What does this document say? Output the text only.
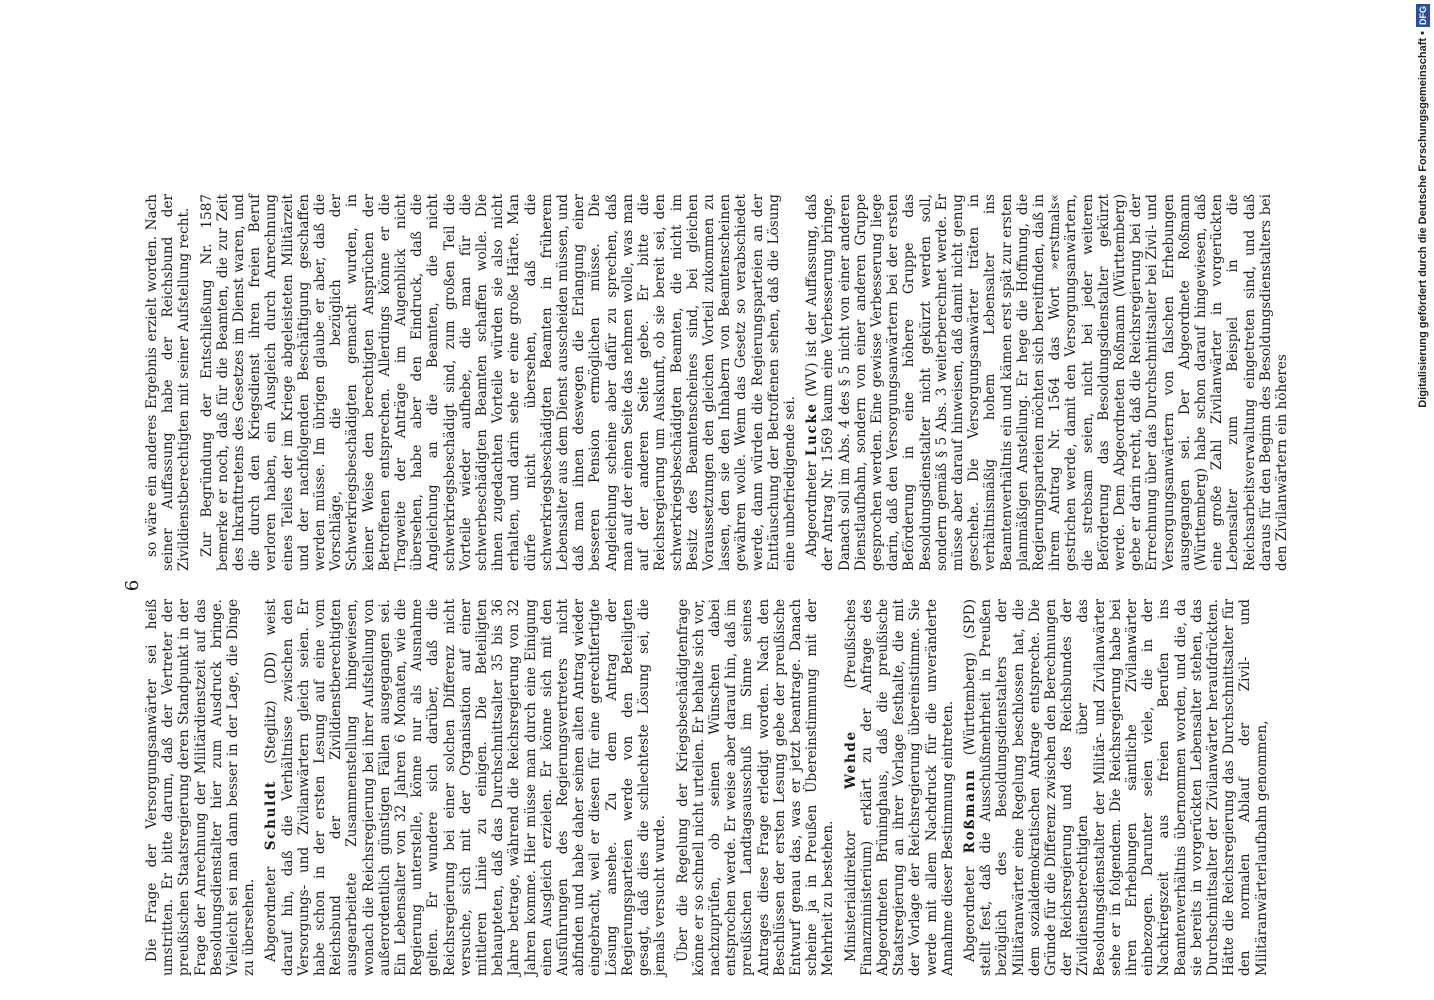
6

Die Frage der Versorgungsanwärter sei heiß umstritten. Er bitte darum, daß der Vertreter der preußischen Staatsregierung deren Standpunkt in der Frage der Anrechnung der Militärdienstzeit auf das Besoldungsdienstalter hier zum Ausdruck bringe. Vielleicht sei man dann besser in der Lage, die Dinge zu übersehen. Abgeordneter Schuldt (Steglitz) (DD) weist darauf hin, daß die Verhältnisse zwischen den Versorgungs- und Zivilanwärtern gleich seien. Er habe schon in der ersten Lesung auf eine vom Reichsbund der Zivildienstberechtigten ausgearbeitete Zusammenstellung hingewiesen, wonach die Reichsregierung bei ihrer Aufstellung von außerordentlich günstigen Fällen ausgegangen sei. Ein Lebensalter von 32 Jahren 6 Monaten, wie die Regierung unterstelle, könne nur als Ausnahme gelten. Er wundere sich darüber, daß die Reichsregierung bei einer solchen Differenz nicht versuche, sich mit der Organisation auf einer mittleren Linie zu einigen. Die Beteiligten behaupteten, daß das Durchschnittsalter 35 bis 36 Jahre betrage, während die Reichsregierung von 32 Jahren komme. Hier müsse man durch eine Einigung einen Ausgleich erzielen. Er könne sich mit den Ausführungen des Regierungsvertreters nicht abfinden und habe daher seinen alten Antrag wieder eingebracht, weil er diesen für eine gerechtfertigte Lösung ansehe. Zu dem Antrag der Regierungsparteien werde von den Beteiligten gesagt, daß dies die schlechteste Lösung sei, die jemals versucht wurde. Über die Regelung der Kriegsbeschädigtenfrage könne er so schnell nicht urteilen. Er behalte sich vor, nachzuprüfen, ob seinen Wünschen dabei entsprochen werde. Er weise aber darauf hin, daß im preußischen Landtagsausschuß im Sinne seines Antrages diese Frage erledigt worden. Nach den Beschlüssen der ersten Lesung gebe der preußische Entwurf genau das, was er jetzt beantrage. Danach scheine ja in Preußen Übereinstimmung mit der Mehrheit zu bestehen. Ministerialdirektor Wehde (Preußisches Finanzministerium) erklärt zu der Anfrage des Abgeordneten Brüninghaus, daß die preußische Staatsregierung an ihrer Vorlage festhalte, die mit der Vorlage der Reichsregierung übereinstimme. Sie werde mit allem Nachdruck für die unveränderte Annahme dieser Bestimmung eintreten. Abgeordneter Roßmann (Württemberg) (SPD) stellt fest, daß die Ausschußmehrheit in Preußen bezüglich des Besoldungsdienstalters der Militäranwärter eine Regelung beschlossen hat, die dem sozialdemokratischen Antrage entspreche. Die Gründe für die Differenz zwischen den Berechnungen der Reichsregierung und des Reichsbundes der Zivildienstberechtigten über das Besoldungsdienstalter der Militär- und Zivilanwärter sehe er in folgendem. Die Reichsregierung habe bei ihren Erhebungen sämtliche Zivilanwärter einbezogen. Darunter seien viele, die in der Nachkriegszeit aus freien Berufen ins Beamtenverhältnis übernommen worden, und die, da sie bereits in vorgerückten Lebensalter stehen, das Durchschnittsalter der Zivilanwärter heraufdrückten. Hätte die Reichsregierung das Durchschnittsalter für den normalen Ablauf der Zivil- und Militäranwärterlaufbahn genommen,

so wäre ein anderes Ergebnis erzielt worden. Nach seiner Auffassung habe der Reichsbund der Zivildienstberechtigten mit seiner Aufstellung recht. Zur Begründung der Entschließung Nr. 1587 bemerke er noch, daß für die Beamten, die zur Zeit des Inkrafttretens des Gesetzes im Dienst waren, und die durch den Kriegsdienst ihren freien Beruf verloren haben, ein Ausgleich durch Anrechnung eines Teiles der im Kriege abgeleisteten Militärzeit und der nachfolgenden Beschäftigung geschaffen werden müsse. Im übrigen glaube er aber, daß die Vorschläge, die bezüglich der Schwerkriegsbeschädigten gemacht wurden, in keiner Weise den berechtigten Ansprüchen der Betroffenen entsprechen. Allerdings könne er die Tragweite der Anträge im Augenblick nicht übersehen, habe aber den Eindruck, daß die Angleichung an die Beamten, die nicht schwerkriegsbeschädigt sind, zum großen Teil die Vorteile wieder aufhebe, die man für die schwerbeschädigten Beamten schaffen wolle. Die ihnen zugedachten Vorteile würden sie also nicht erhalten, und darin sehe er eine große Härte. Man dürfe nicht übersehen, daß die schwerkriegsbeschädigten Beamten in früherem Lebensalter aus dem Dienst ausscheiden müssen, und daß man ihnen deswegen die Erlangung einer besseren Pension ermöglichen müsse. Die Angleichung scheine aber dafür zu sprechen, daß man auf der einen Seite das nehmen wolle, was man auf der anderen Seite gebe. Er bitte die Reichsregierung um Auskunft, ob sie bereit sei, den schwerkriegsbeschädigten Beamten, die nicht im Besitz des Beamtenscheines sind, bei gleichen Voraussetzungen den gleichen Vorteil zukommen zu lassen, den sie den Inhabern von Beamtenscheinen gewähren wolle. Wenn das Gesetz so verabschiedet werde, dann würden die Regierungsparteien an der Enttäuschung der Betroffenen sehen, daß die Lösung eine unbefriedigende sei. Abgeordneter Lucke (WV) ist der Auffassung, daß der Antrag Nr. 1569 kaum eine Verbesserung bringe. Danach soll im Abs. 4 des § 5 nicht von einer anderen Dienstlaufbahn, sondern von einer anderen Gruppe gesprochen werden. Eine gewisse Verbesserung liege darin, daß den Versorgungsanwärtern bei der ersten Beförderung in eine höhere Gruppe das Besoldungsdienstalter nicht gekürzt werden soll, sondern gemäß § 5 Abs. 3 weiterberechnet werde. Er müsse aber darauf hinweisen, daß damit nicht genug geschehe. Die Versorgungsanwärter träten in verhältnismäßig hohem Lebensalter ins Beamtenverhältnis ein und kämen erst spät zur ersten planmäßigen Anstellung. Er hege die Hoffnung, die Regierungsparteien möchten sich bereitfinden, daß in ihrem Antrag Nr. 1564 das Wort »erstmals« gestrichen werde, damit den Versorgungsanwärtern, die strebsam seien, nicht bei jeder weiteren Beförderung das Besoldungsdienstalter gekürzt werde. Dem Abgeordneten Roßmann (Württemberg) gebe er darin recht, daß die Reichsregierung bei der Errechnung über das Durchschnittsalter bei Zivil- und Versorgungsanwärtern von falschen Erhebungen ausgegangen sei. Der Abgeordnete Roßmann (Württemberg) habe schon darauf hingewiesen, daß eine große Zahl Zivilanwärter in vorgerückten Lebensalter zum Beispiel in die Reichsarbeitsverwaltung eingetreten sind, und daß daraus für den Beginn des Besoldungsdienstalters bei den Zivilanwärtern ein höheres

Digitalisierung gefördert durch die Deutsche Forschungsgemeinschaft •DFG
